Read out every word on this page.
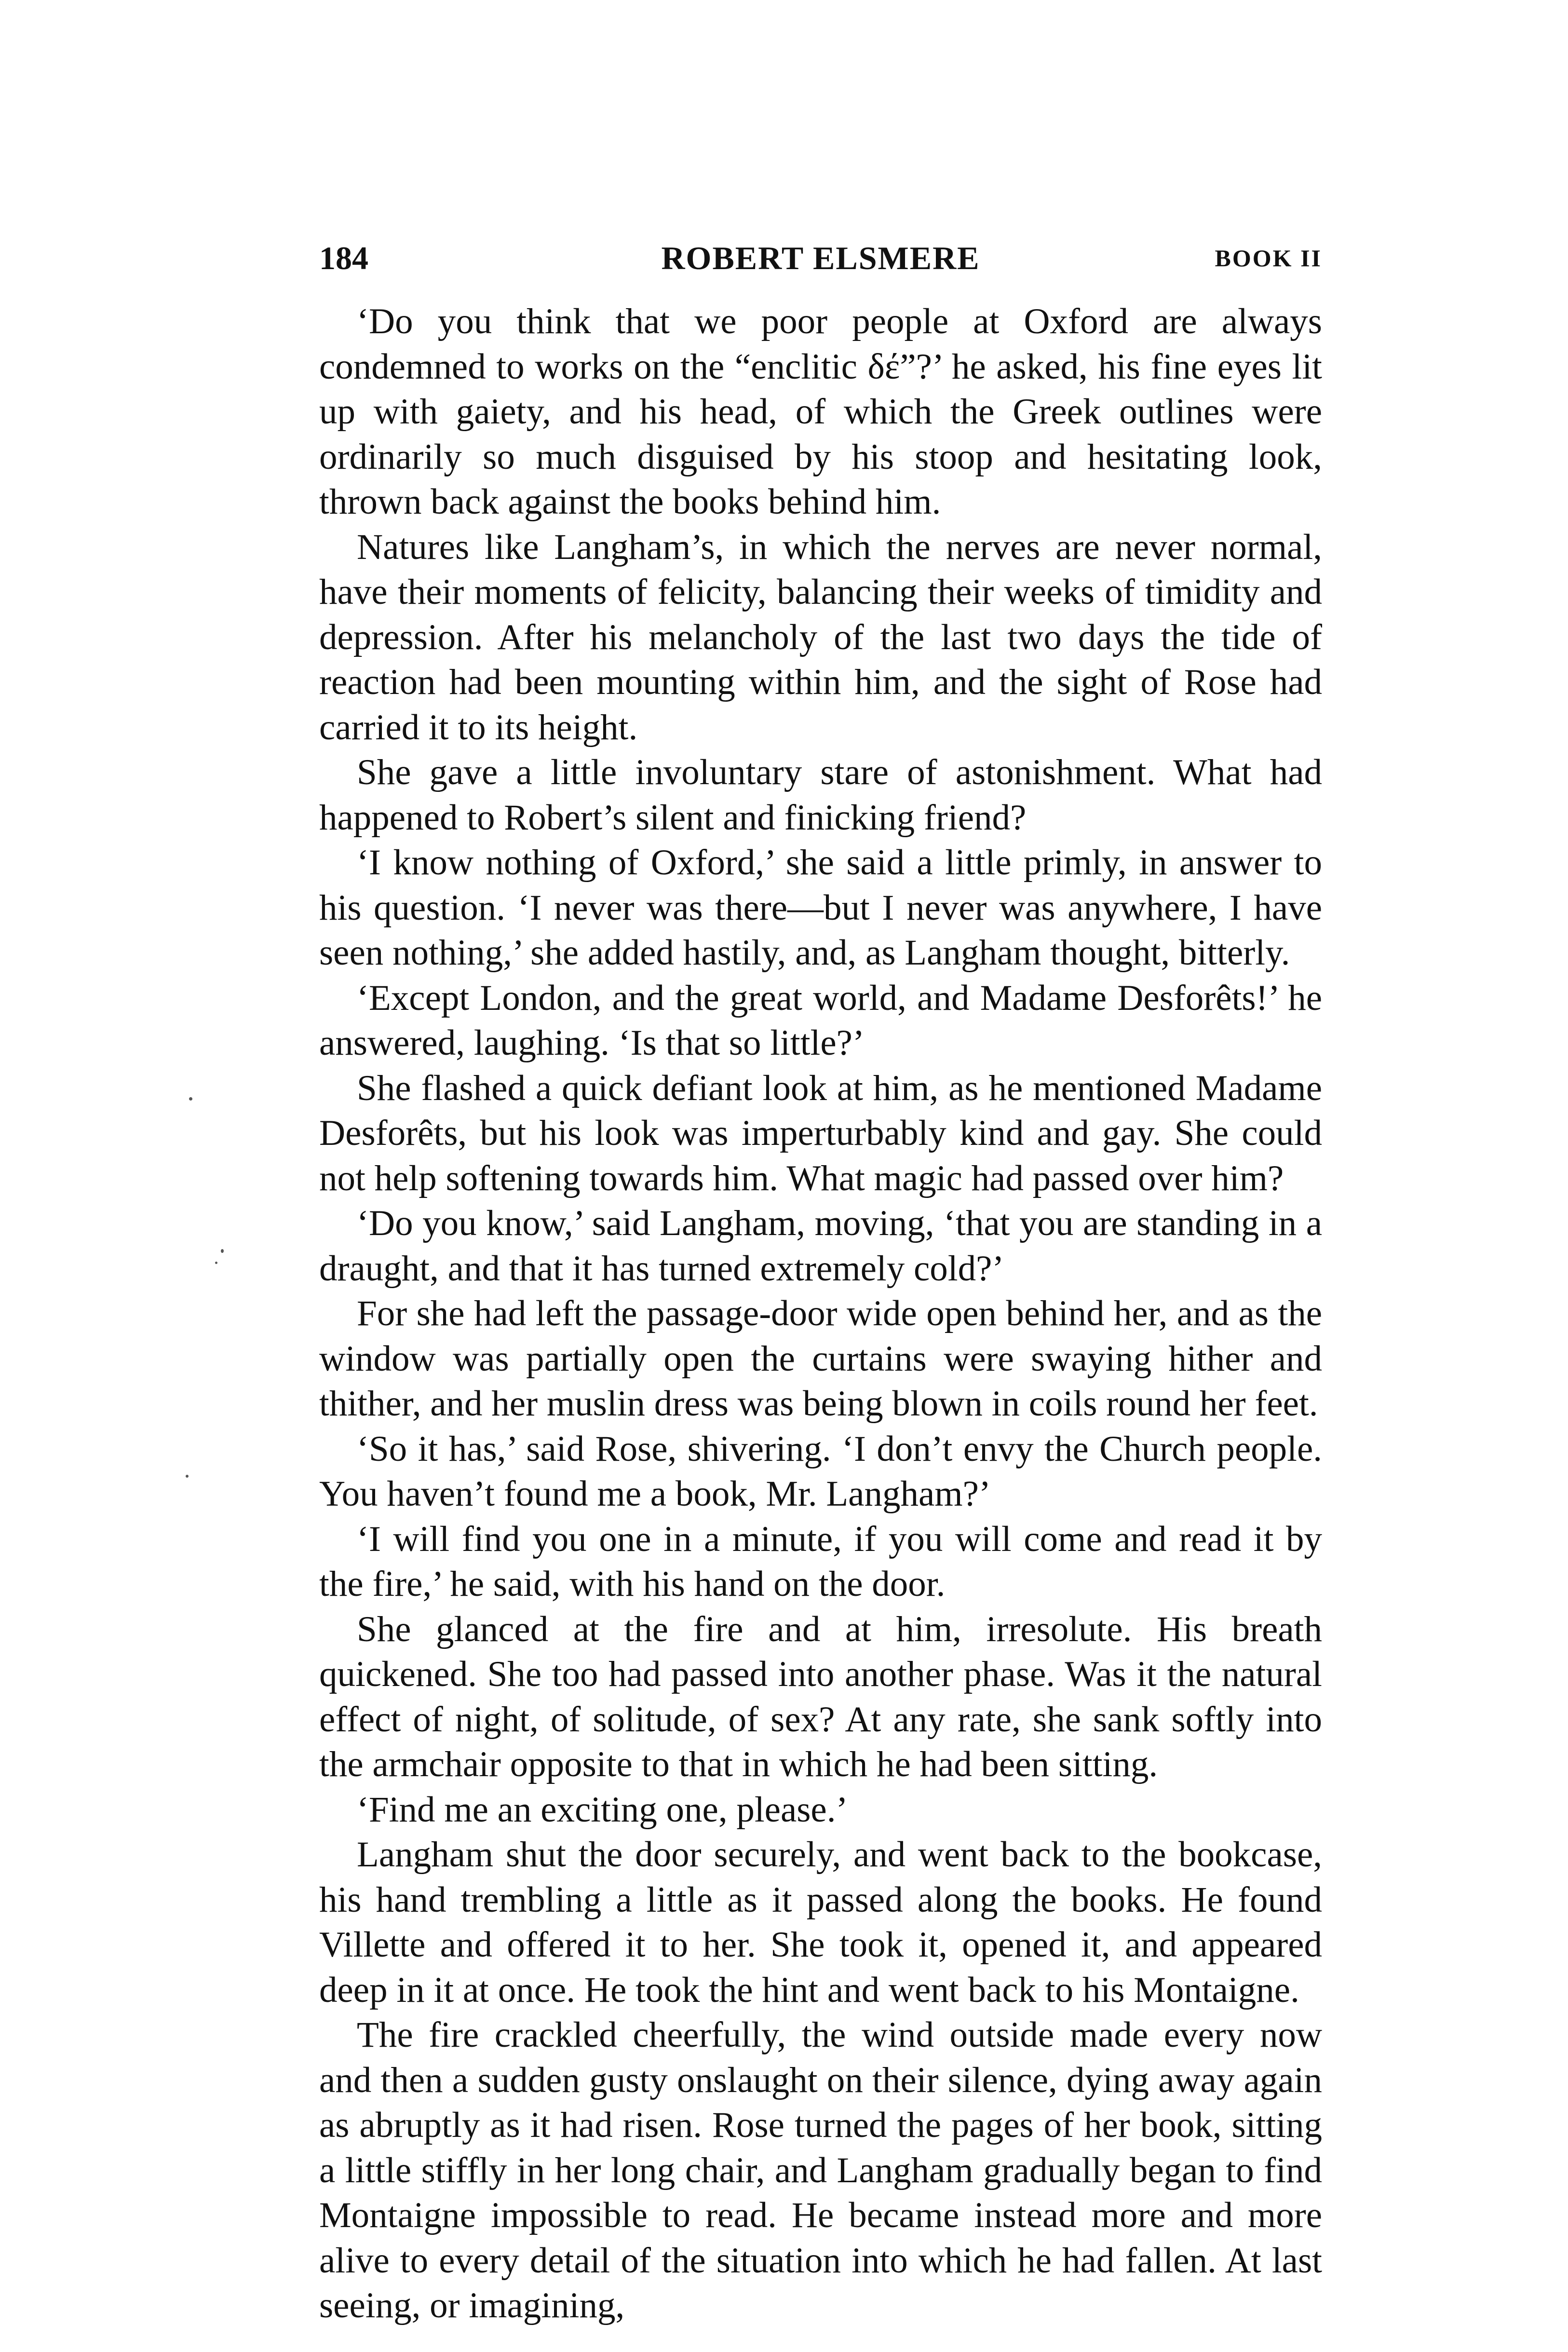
184	ROBERT ELSMERE	BOOK II

‘Do you think that we poor people at Oxford are always condemned to works on the “enclitic δέ”?’ he asked, his fine eyes lit up with gaiety, and his head, of which the Greek outlines were ordinarily so much disguised by his stoop and hesitating look, thrown back against the books behind him.

Natures like Langham’s, in which the nerves are never normal, have their moments of felicity, balancing their weeks of timidity and depression. After his melancholy of the last two days the tide of reaction had been mounting within him, and the sight of Rose had carried it to its height.

She gave a little involuntary stare of astonishment. What had happened to Robert’s silent and finicking friend?

‘I know nothing of Oxford,’ she said a little primly, in answer to his question. ‘I never was there—but I never was anywhere, I have seen nothing,’ she added hastily, and, as Langham thought, bitterly.

‘Except London, and the great world, and Madame Desforêts!’ he answered, laughing. ‘Is that so little?’

She flashed a quick defiant look at him, as he mentioned Madame Desforêts, but his look was imperturbably kind and gay. She could not help softening towards him. What magic had passed over him?

‘Do you know,’ said Langham, moving, ‘that you are standing in a draught, and that it has turned extremely cold?’

For she had left the passage-door wide open behind her, and as the window was partially open the curtains were swaying hither and thither, and her muslin dress was being blown in coils round her feet.

‘So it has,’ said Rose, shivering. ‘I don’t envy the Church people. You haven’t found me a book, Mr. Langham?’

‘I will find you one in a minute, if you will come and read it by the fire,’ he said, with his hand on the door.

She glanced at the fire and at him, irresolute. His breath quickened. She too had passed into another phase. Was it the natural effect of night, of solitude, of sex? At any rate, she sank softly into the armchair opposite to that in which he had been sitting.

‘Find me an exciting one, please.’

Langham shut the door securely, and went back to the bookcase, his hand trembling a little as it passed along the books. He found Villette and offered it to her. She took it, opened it, and appeared deep in it at once. He took the hint and went back to his Montaigne.

The fire crackled cheerfully, the wind outside made every now and then a sudden gusty onslaught on their silence, dying away again as abruptly as it had risen. Rose turned the pages of her book, sitting a little stiffly in her long chair, and Langham gradually began to find Montaigne impossible to read. He became instead more and more alive to every detail of the situation into which he had fallen. At last seeing, or imagining,
